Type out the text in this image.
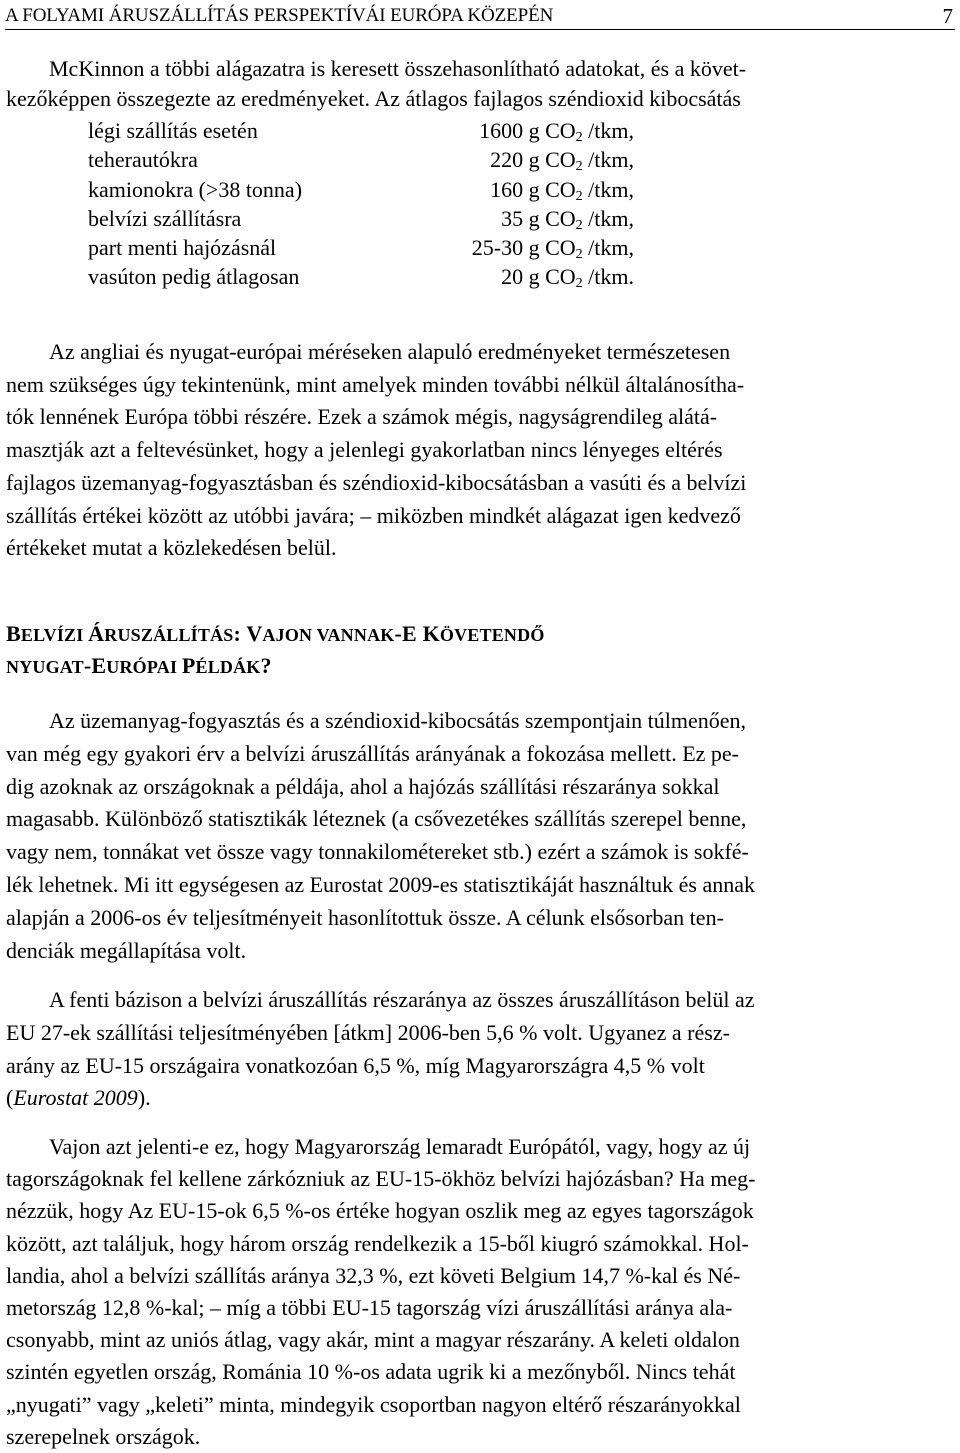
A FOLYAMI ÁRUSZÁLLÍTÁS PERSPEKTÍVÁI EURÓPA KÖZEPÉN	7
McKinnon a többi alágazatra is keresett összehasonlítható adatokat, és a követ-
kezőképpen összegezte az eredményeket. Az átlagos fajlagos széndioxid kibocsátás
légi szállítás esetén	1600 g $CO_2$ /tkm,
teherautókra	220 g $CO_2$ /tkm,
kamionokra (>38 tonna)	160 g $CO_2$ /tkm,
belvízi szállításra	35 g $CO_2$ /tkm,
part menti hajózásnál	25-30 g $CO_2$ /tkm,
vasúton pedig átlagosan	20 g $CO_2$ /tkm.
Az angliai és nyugat-európai méréseken alapuló eredményeket természetesen
nem szükséges úgy tekintenünk, mint amelyek minden további nélkül általánosítha-
tók lennének Európa többi részére. Ezek a számok mégis, nagyságrendileg alátá-
masztják azt a feltevésünket, hogy a jelenlegi gyakorlatban nincs lényeges eltérés
fajlagos üzemanyag-fogyasztásban és széndioxid-kibocsátásban a vasúti és a belvízi
szállítás értékei között az utóbbi javára; – miközben mindkét alágazat igen kedvező
értékeket mutat a közlekedésen belül.
BELVÍZI ÁRUSZÁLLÍTÁS: VAJON VANNAK-E KÖVETENDŐ
NYUGAT-EURÓPAI PÉLDÁK?
Az üzemanyag-fogyasztás és a széndioxid-kibocsátás szempontjain túlmenően,
van még egy gyakori érv a belvízi áruszállítás arányának a fokozása mellett. Ez pe-
dig azoknak az országoknak a példája, ahol a hajózás szállítási részaránya sokkal
magasabb. Különböző statisztikák léteznek (a csővezetékes szállítás szerepel benne,
vagy nem, tonnákat vet össze vagy tonnakilométereket stb.) ezért a számok is sokfé-
lék lehetnek. Mi itt egységesen az Eurostat 2009-es statisztikáját használtuk és annak
alapján a 2006-os év teljesítményeit hasonlítottuk össze. A célunk elsősorban ten-
denciák megállapítása volt.
A fenti bázison a belvízi áruszállítás részaránya az összes áruszállításon belül az
EU 27-ek szállítási teljesítményében [átkm] 2006-ben 5,6 % volt. Ugyanez a rész-
arány az EU-15 országaira vonatkozóan 6,5 %, míg Magyarországra 4,5 % volt
(Eurostat 2009).
Vajon azt jelenti-e ez, hogy Magyarország lemaradt Európától, vagy, hogy az új
tagországoknak fel kellene zárkózniuk az EU-15-ökhöz belvízi hajózásban? Ha meg-
nézzük, hogy Az EU-15-ok 6,5 %-os értéke hogyan oszlik meg az egyes tagországok
között, azt találjuk, hogy három ország rendelkezik a 15-ből kiugró számokkal. Hol-
landia, ahol a belvízi szállítás aránya 32,3 %, ezt követi Belgium 14,7 %-kal és Né-
metország 12,8 %-kal; – míg a többi EU-15 tagország vízi áruszállítási aránya ala-
csonyabb, mint az uniós átlag, vagy akár, mint a magyar részarány. A keleti oldalon
szintén egyetlen ország, Románia 10 %-os adata ugrik ki a mezőnyből. Nincs tehát
„nyugati” vagy „keleti” minta, mindegyik csoportban nagyon eltérő részarányokkal
szerepelnek országok.
